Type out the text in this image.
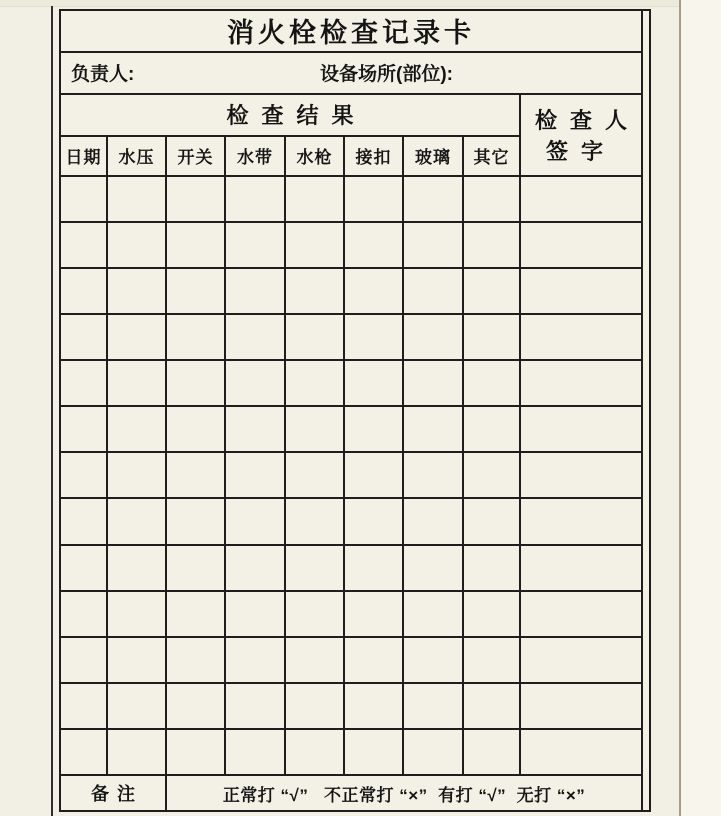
消火栓检查记录卡								

负责人: 设备场所(部位):								

检查结果								检查人签字
日期	水压	开关	水带	水枪	接扣	玻璃	其它	

备注		正常打 “√”   不正常打 “×”  有打 “√”  无打 “×”						
